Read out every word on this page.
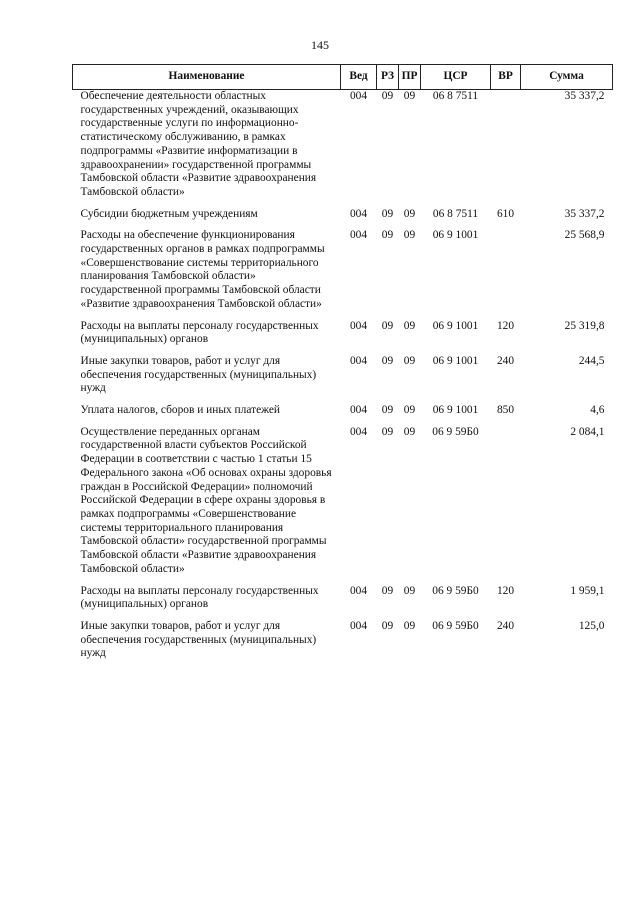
145
Наименование	Вед	РЗ	ПР	ЦСР	ВР	Сумма
Обеспечение деятельности областных государственных учреждений, оказывающих государственные услуги по информационно-статистическому обслуживанию, в рамках подпрограммы «Развитие информатизации в здравоохранении» государственной программы Тамбовской области «Развитие здравоохранения Тамбовской области»	004	09	09	06 8 7511		35 337,2
Субсидии бюджетным учреждениям	004	09	09	06 8 7511	610	35 337,2
Расходы на обеспечение функционирования государственных органов в рамках подпрограммы «Совершенствование системы территориального планирования Тамбовской области» государственной программы Тамбовской области «Развитие здравоохранения Тамбовской области»	004	09	09	06 9 1001		25 568,9
Расходы на выплаты персоналу государственных (муниципальных) органов	004	09	09	06 9 1001	120	25 319,8
Иные закупки товаров, работ и услуг для обеспечения государственных (муниципальных) нужд	004	09	09	06 9 1001	240	244,5
Уплата налогов, сборов и иных платежей	004	09	09	06 9 1001	850	4,6
Осуществление переданных органам государственной власти субъектов Российской Федерации в соответствии с частью 1 статьи 15 Федерального закона «Об основах охраны здоровья граждан в Российской Федерации» полномочий Российской Федерации в сфере охраны здоровья в рамках подпрограммы «Совершенствование системы территориального планирования Тамбовской области» государственной программы Тамбовской области «Развитие здравоохранения Тамбовской области»	004	09	09	06 9 59Б0		2 084,1
Расходы на выплаты персоналу государственных (муниципальных) органов	004	09	09	06 9 59Б0	120	1 959,1
Иные закупки товаров, работ и услуг для обеспечения государственных (муниципальных) нужд	004	09	09	06 9 59Б0	240	125,0
